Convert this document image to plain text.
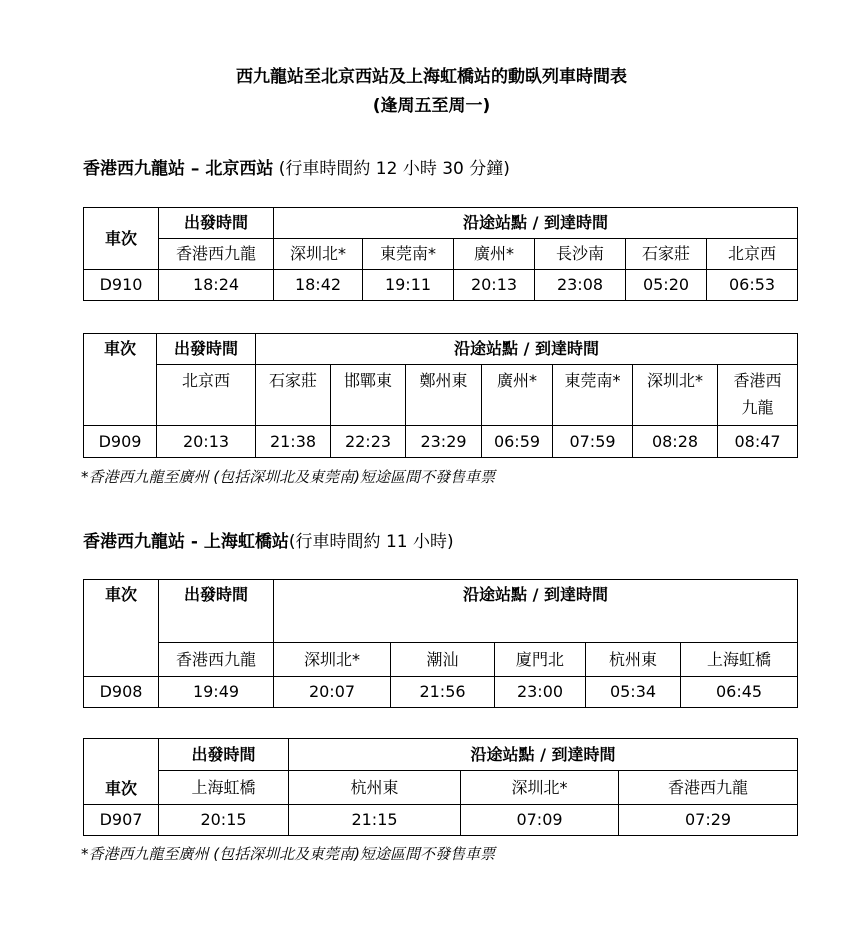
西九龍站至北京西站及上海虹橋站的動臥列車時間表
(逢周五至周一)
香港西九龍站 – 北京西站 (行車時間約 12 小時 30 分鐘)
車次	出發時間	沿途站點 / 到達時間					
	香港西九龍	深圳北*	東莞南*	廣州*	長沙南	石家莊	北京西
D910	18:24	18:42	19:11	20:13	23:08	05:20	06:53
車次	出發時間	沿途站點 / 到達時間						
	北京西	石家莊	邯鄲東	鄭州東	廣州*	東莞南*	深圳北*	香港西
九龍
D909	20:13	21:38	22:23	23:29	06:59	07:59	08:28	08:47
*香港西九龍至廣州 (包括深圳北及東莞南)短途區間不發售車票
香港西九龍站 - 上海虹橋站(行車時間約 11 小時)
車次	出發時間	沿途站點 / 到達時間				
	香港西九龍	深圳北*	潮汕	廈門北	杭州東	上海虹橋
D908	19:49	20:07	21:56	23:00	05:34	06:45
車次	出發時間	沿途站點 / 到達時間		
	上海虹橋	杭州東	深圳北*	香港西九龍
D907	20:15	21:15	07:09	07:29
*香港西九龍至廣州 (包括深圳北及東莞南)短途區間不發售車票
